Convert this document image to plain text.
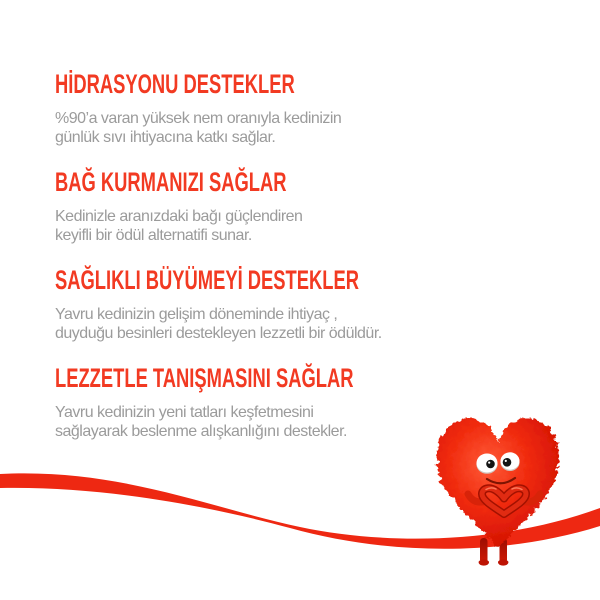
HİDRASYONU DESTEKLER

%90’a varan yüksek nem oranıyla kedinizin
günlük sıvı ihtiyacına katkı sağlar.

BAĞ KURMANIZI SAĞLAR

Kedinizle aranızdaki bağı güçlendiren
keyifli bir ödül alternatifi sunar.

SAĞLIKLI BÜYÜMEYİ DESTEKLER

Yavru kedinizin gelişim döneminde ihtiyaç ,
duyduğu besinleri destekleyen lezzetli bir ödüldür.

LEZZETLE TANIŞMASINI SAĞLAR

Yavru kedinizin yeni tatları keşfetmesini
sağlayarak beslenme alışkanlığını destekler.
